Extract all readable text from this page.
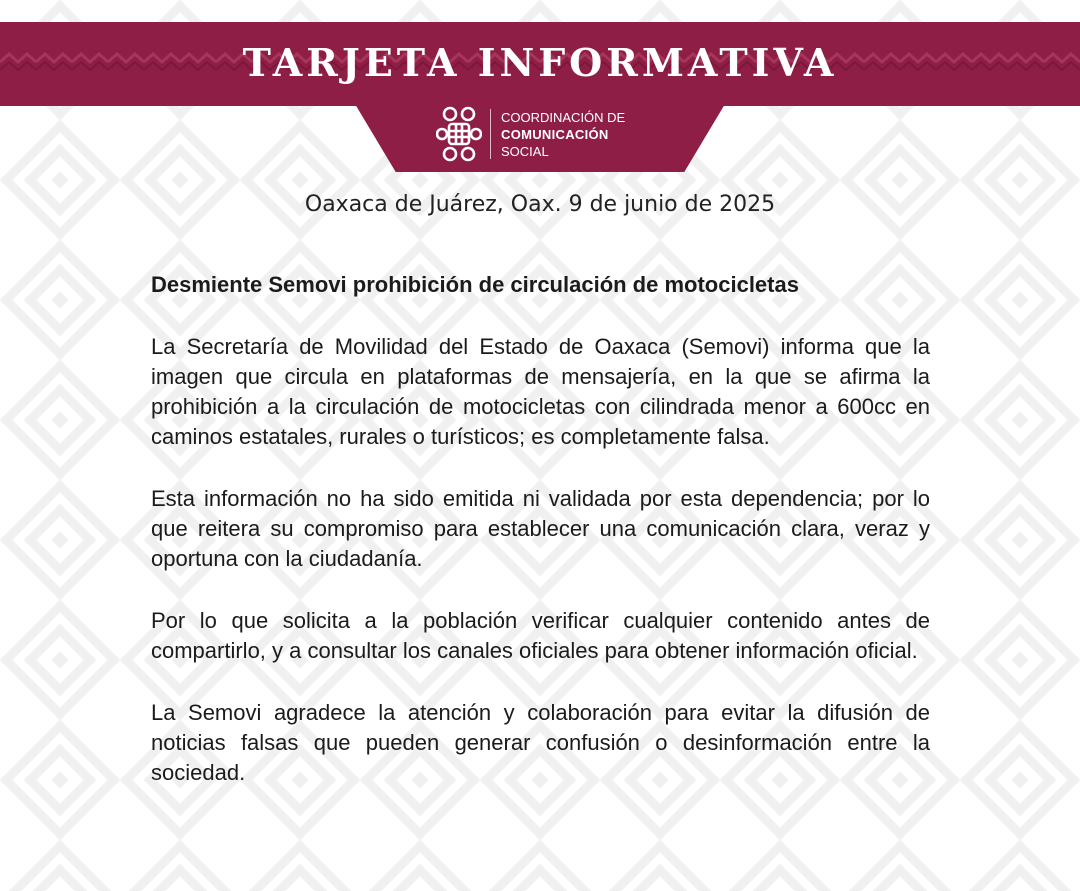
TARJETA INFORMATIVA
COORDINACIÓN DE
COMUNICACIÓN
SOCIAL

Oaxaca de Juárez, Oax. 9 de junio de 2025

Desmiente Semovi prohibición de circulación de motocicletas

La Secretaría de Movilidad del Estado de Oaxaca (Semovi) informa que la imagen que circula en plataformas de mensajería, en la que se afirma la prohibición a la circulación de motocicletas con cilindrada menor a 600cc en caminos estatales, rurales o turísticos; es completamente falsa.

Esta información no ha sido emitida ni validada por esta dependencia; por lo que reitera su compromiso para establecer una comunicación clara, veraz y oportuna con la ciudadanía.

Por lo que solicita a la población verificar cualquier contenido antes de compartirlo, y a consultar los canales oficiales para obtener información oficial.

La Semovi agradece la atención y colaboración para evitar la difusión de noticias falsas que pueden generar confusión o desinformación entre la sociedad.
